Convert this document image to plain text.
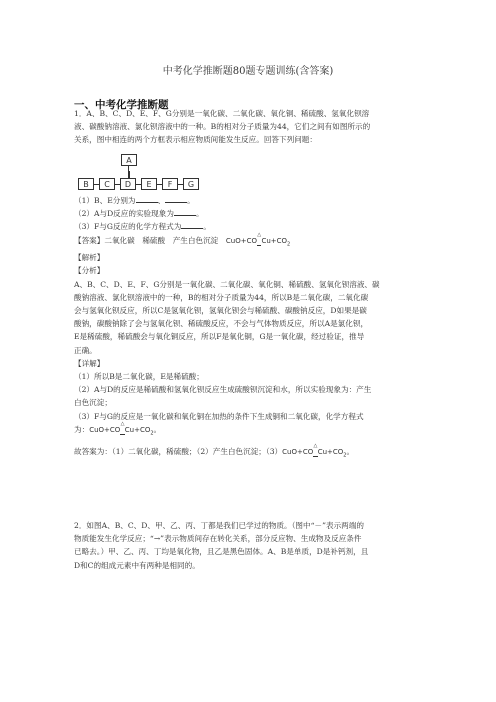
中考化学推断题80题专题训练(含答案)
一、中考化学推断题
1．A、B、C、D、E、F、G分别是一氧化碳、二氧化碳、氧化铜、稀硫酸、氢氧化钡溶
液、碳酸钠溶液、氯化钡溶液中的一种。B的相对分子质量为44，它们之间有如图所示的
关系，图中相连的两个方框表示相应物质间能发生反应。回答下列问题：
A
B	C	D	E	F	G
（1）B、E分别为	、	。
（2）A与D反应的实验现象为	。
（3）F与G反应的化学方程式为	。
【答案】二氧化碳　稀硫酸　产生白色沉淀　CuO+CO
△
$Cu+CO_2$
【解析】
【分析】
A、B、C、D、E、F、G分别是一氧化碳、二氧化碳、氧化铜、稀硫酸、氢氧化钡溶液、碳
酸钠溶液、氯化钡溶液中的一种，B的相对分子质量为44，所以B是二氧化碳，二氧化碳
会与氢氧化钡反应，所以C是氢氧化钡，氢氧化钡会与稀硫酸、碳酸钠反应，D如果是碳
酸钠，碳酸钠除了会与氢氧化钡、稀硫酸反应，不会与气体物质反应，所以A是氯化钡，
E是稀硫酸，稀硫酸会与氧化铜反应，所以F是氧化铜，G是一氧化碳，经过验证，推导
正确。
【详解】
（1）所以B是二氧化碳，E是稀硫酸；
（2）A与D的反应是稀硫酸和氢氧化钡反应生成硫酸钡沉淀和水，所以实验现象为：产生
白色沉淀；
（3）F与G的反应是一氧化碳和氧化铜在加热的条件下生成铜和二氧化碳，化学方程式
为：CuO+CO
△
$Cu+CO_2$。
故答案为：（1）二氧化碳，稀硫酸；（2）产生白色沉淀；（3）CuO+CO
△
$Cu+CO_2$。
2．如图A、B、C、D、甲、乙、丙、丁都是我们已学过的物质。（图中“－”表示两端的
物质能发生化学反应；“→”表示物质间存在转化关系，部分反应物、生成物及反应条件
已略去。）甲、乙、丙、丁均是氧化物，且乙是黑色固体。A、B是单质，D是补钙剂，且
D和C的组成元素中有两种是相同的。
